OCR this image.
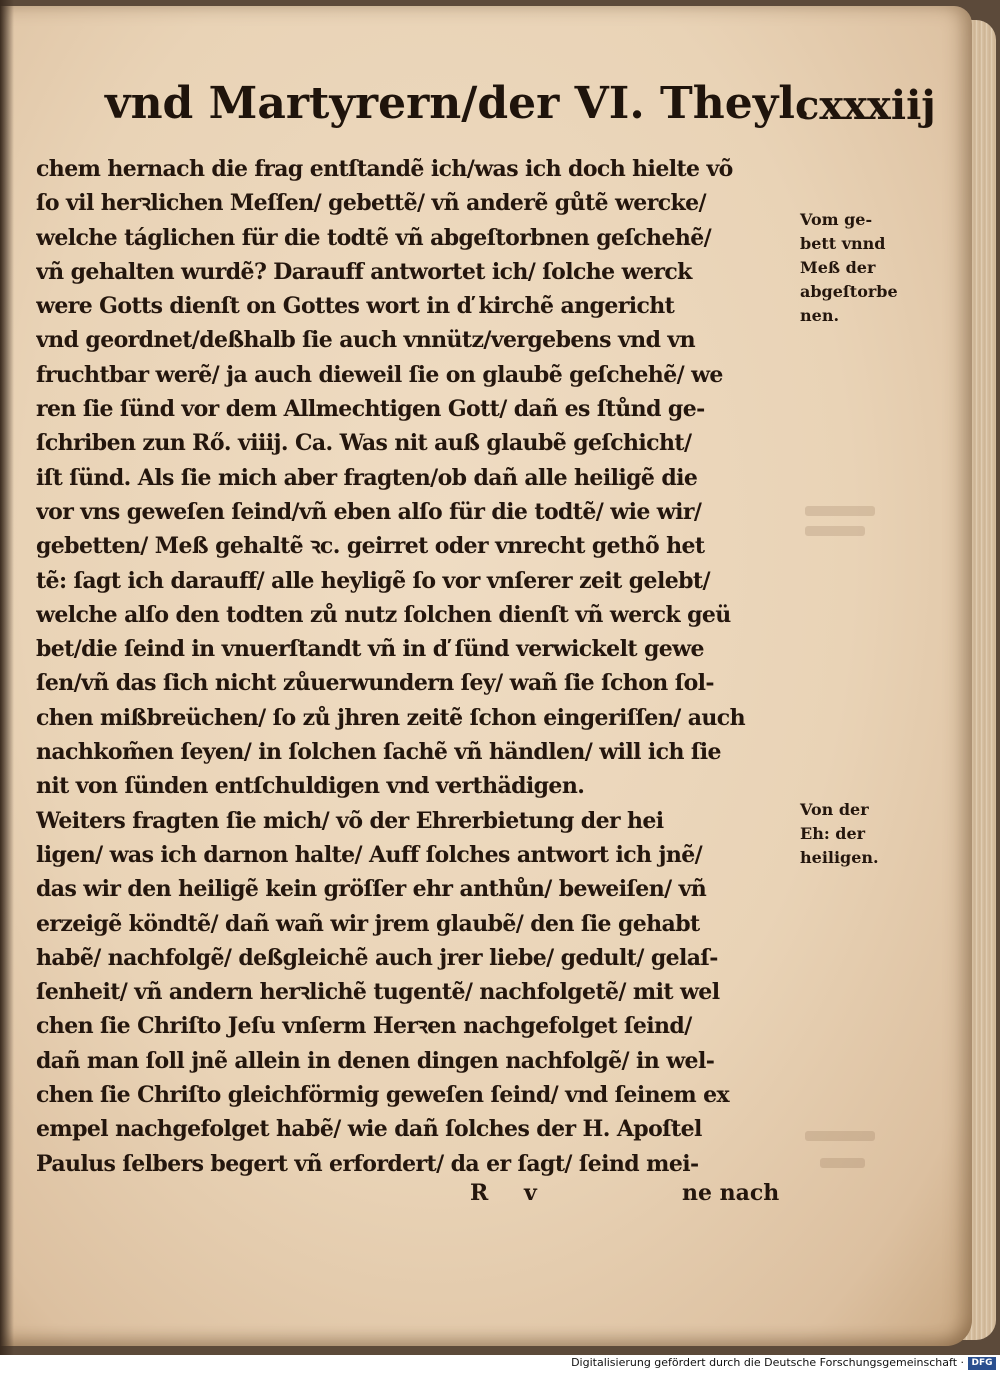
vnd Martyrern/der VI. Theyl.
cxxxiij
chem hernach die frag entſtandẽ ich/was ich doch hielte võ
ſo vil herꝛlichen Meſſen/ gebettẽ/ vñ anderẽ gůtẽ wercke/
welche táglichen für die todtẽ vñ abgeſtorbnen geſchehẽ/
vñ gehalten wurdẽ? Darauff antwortet ich/ ſolche werck
were Gotts dienſt on Gottes wort in ď kirchẽ angericht
vnd geordnet/deßhalb ſie auch vnnütz/vergebens vnd vn
fruchtbar werẽ/ ja auch dieweil ſie on glaubẽ geſchehẽ/ we
ren ſie ſünd vor dem Allmechtigen Gott/ dañ es ſtůnd ge-
ſchriben zun Rő. viiij. Ca. Was nit auß glaubẽ geſchicht/
iſt ſünd. Als ſie mich aber fragten/ob dañ alle heiligẽ die
vor vns geweſen ſeind/vñ eben alſo für die todtẽ/ wie wir/
gebetten/ Meß gehaltẽ ꝛc. geirret oder vnrecht gethõ het
tẽ: ſagt ich darauff/ alle heyligẽ ſo vor vnſerer zeit gelebt/
welche alſo den todten zů nutz ſolchen dienſt vñ werck geü
bet/die ſeind in vnuerſtandt vñ in ď ſünd verwickelt gewe
ſen/vñ das ſich nicht zůuerwundern ſey/ wañ ſie ſchon ſol-
chen mißbreüchen/ ſo zů jhren zeitẽ ſchon eingeriſſen/ auch
nachkom̃en ſeyen/ in ſolchen ſachẽ vñ händlen/ will ich ſie
nit von ſünden entſchuldigen vnd verthädigen.
Weiters fragten ſie mich/ võ der Ehrerbietung der hei
ligen/ was ich darnon halte/ Auff ſolches antwort ich jnẽ/
das wir den heiligẽ kein gröſſer ehr anthůn/ beweiſen/ vñ
erzeigẽ köndtẽ/ dañ wañ wir jrem glaubẽ/ den ſie gehabt
habẽ/ nachfolgẽ/ deßgleichẽ auch jrer liebe/ gedult/ gelaſ-
ſenheit/ vñ andern herꝛlichẽ tugentẽ/ nachfolgetẽ/ mit wel
chen ſie Chriſto Jeſu vnſerm Herꝛen nachgefolget ſeind/
dañ man ſoll jnẽ allein in denen dingen nachfolgẽ/ in wel-
chen ſie Chriſto gleichförmig geweſen ſeind/ vnd ſeinem ex
empel nachgefolget habẽ/ wie dañ ſolches der H. Apoſtel
Paulus ſelbers begert vñ erfordert/ da er ſagt/ ſeind mei-
Vom ge-
bett vnnd
Meß der
abgeſtorbe
nen.
Von der
Eh: der
heiligen.
R v	ne nach
Digitalisierung gefördert durch die Deutsche Forschungsgemeinschaft · DFG
